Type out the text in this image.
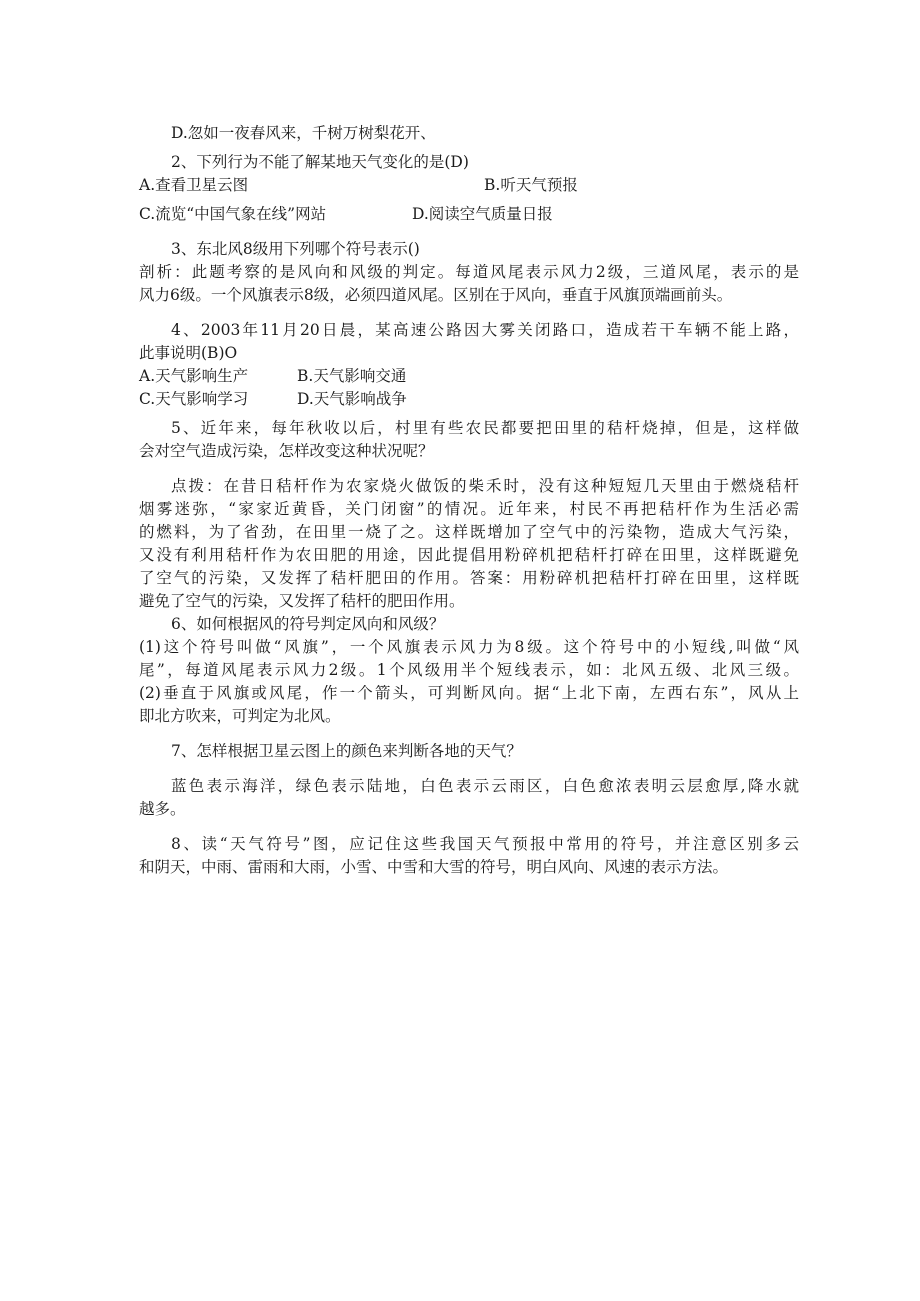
D.忽如一夜春风来，千树万树梨花开、
2、下列行为不能了解某地天气变化的是(D)
A.查看卫星云图	B.听天气预报
C.流览“中国气象在线”网站	D.阅读空气质量日报
3、东北风8级用下列哪个符号表示()
剖析：此题考察的是风向和风级的判定。每道风尾表示风力2级，三道风尾，表示的是
风力6级。一个风旗表示8级，必须四道风尾。区别在于风向，垂直于风旗顶端画前头。
4、2003年11月20日晨，某高速公路因大雾关闭路口，造成若干车辆不能上路，
此事说明(B)O
A.天气影响生产	B.天气影响交通
C.天气影响学习	D.天气影响战争
5、近年来，每年秋收以后，村里有些农民都要把田里的秸杆烧掉，但是，这样做
会对空气造成污染，怎样改变这种状况呢？
点拨：在昔日秸杆作为农家烧火做饭的柴禾时，没有这种短短几天里由于燃烧秸杆
烟雾迷弥，“家家近黄昏，关门闭窗”的情况。近年来，村民不再把秸杆作为生活必需
的燃料，为了省劲，在田里一烧了之。这样既增加了空气中的污染物，造成大气污染，
又没有利用秸杆作为农田肥的用途，因此提倡用粉碎机把秸杆打碎在田里，这样既避免
了空气的污染，又发挥了秸杆肥田的作用。答案：用粉碎机把秸杆打碎在田里，这样既
避免了空气的污染，又发挥了秸杆的肥田作用。
6、如何根据风的符号判定风向和风级？
(1)这个符号叫做“风旗”，一个风旗表示风力为8级。这个符号中的小短线,叫做“风
尾”，每道风尾表示风力2级。1个风级用半个短线表示，如：北风五级、北风三级。
(2)垂直于风旗或风尾，作一个箭头，可判断风向。据“上北下南，左西右东”，风从上
即北方吹来，可判定为北风。
7、怎样根据卫星云图上的颜色来判断各地的天气？
蓝色表示海洋，绿色表示陆地，白色表示云雨区，白色愈浓表明云层愈厚,降水就
越多。
8、读“天气符号”图，应记住这些我国天气预报中常用的符号，并注意区别多云
和阴天，中雨、雷雨和大雨，小雪、中雪和大雪的符号，明白风向、风速的表示方法。
